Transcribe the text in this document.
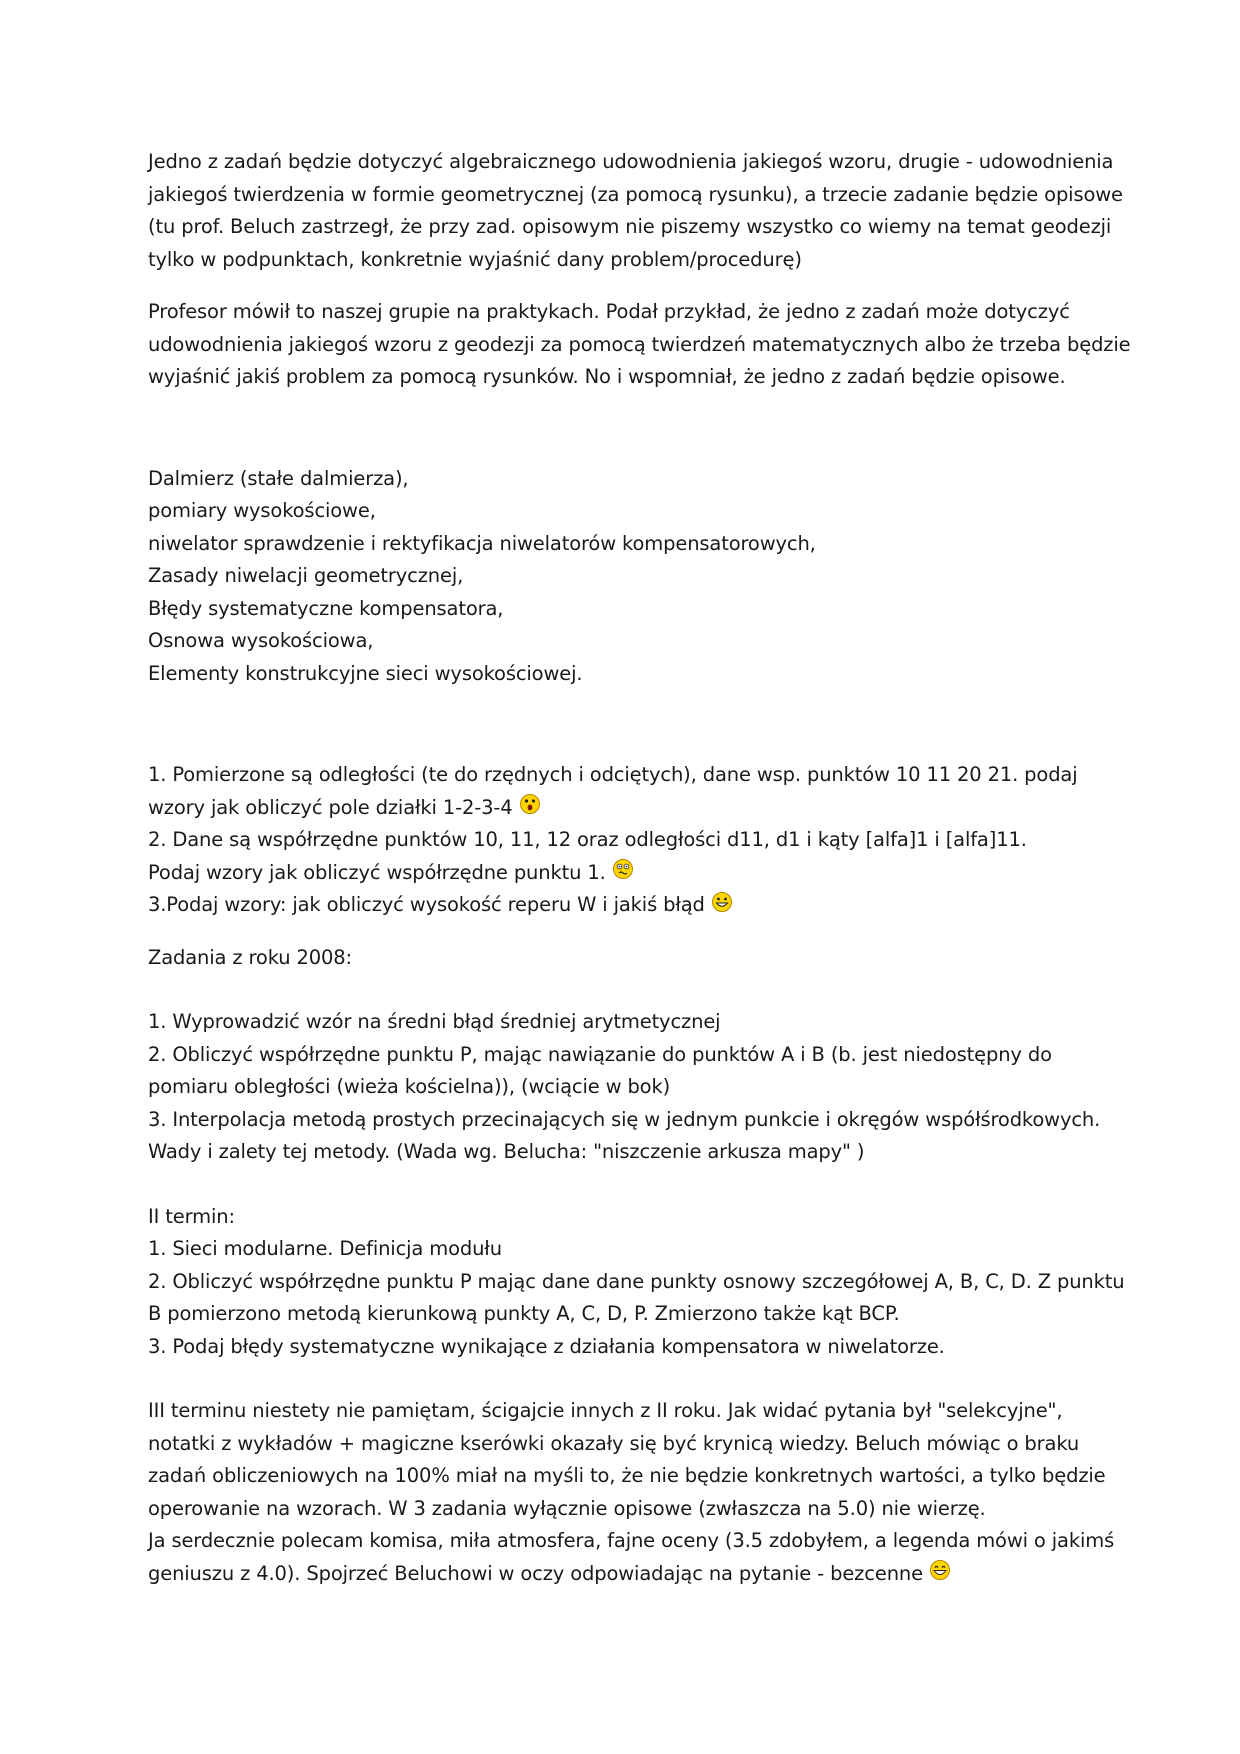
Jedno z zadań będzie dotyczyć algebraicznego udowodnienia jakiegoś wzoru, drugie - udowodnienia
jakiegoś twierdzenia w formie geometrycznej (za pomocą rysunku), a trzecie zadanie będzie opisowe
(tu prof. Beluch zastrzegł, że przy zad. opisowym nie piszemy wszystko co wiemy na temat geodezji
tylko w podpunktach, konkretnie wyjaśnić dany problem/procedurę)

Profesor mówił to naszej grupie na praktykach. Podał przykład, że jedno z zadań może dotyczyć
udowodnienia jakiegoś wzoru z geodezji za pomocą twierdzeń matematycznych albo że trzeba będzie
wyjaśnić jakiś problem za pomocą rysunków. No i wspomniał, że jedno z zadań będzie opisowe.

Dalmierz (stałe dalmierza),
pomiary wysokościowe,
niwelator sprawdzenie i rektyfikacja niwelatorów kompensatorowych,
Zasady niwelacji geometrycznej,
Błędy systematyczne kompensatora,
Osnowa wysokościowa,
Elementy konstrukcyjne sieci wysokościowej.

1. Pomierzone są odległości (te do rzędnych i odciętych), dane wsp. punktów 10 11 20 21. podaj
wzory jak obliczyć pole działki 1-2-3-4
2. Dane są współrzędne punktów 10, 11, 12 oraz odległości d11, d1 i kąty [alfa]1 i [alfa]11.
Podaj wzory jak obliczyć współrzędne punktu 1.
3.Podaj wzory: jak obliczyć wysokość reperu W i jakiś błąd

Zadania z roku 2008:

1. Wyprowadzić wzór na średni błąd średniej arytmetycznej
2. Obliczyć współrzędne punktu P, mając nawiązanie do punktów A i B (b. jest niedostępny do
pomiaru obległości (wieża kościelna)), (wciącie w bok)
3. Interpolacja metodą prostych przecinających się w jednym punkcie i okręgów współśrodkowych.
Wady i zalety tej metody. (Wada wg. Belucha: "niszczenie arkusza mapy" )

II termin:
1. Sieci modularne. Definicja modułu
2. Obliczyć współrzędne punktu P mając dane dane punkty osnowy szczegółowej A, B, C, D. Z punktu
B pomierzono metodą kierunkową punkty A, C, D, P. Zmierzono także kąt BCP.
3. Podaj błędy systematyczne wynikające z działania kompensatora w niwelatorze.

III terminu niestety nie pamiętam, ścigajcie innych z II roku. Jak widać pytania był "selekcyjne",
notatki z wykładów + magiczne kserówki okazały się być krynicą wiedzy. Beluch mówiąc o braku
zadań obliczeniowych na 100% miał na myśli to, że nie będzie konkretnych wartości, a tylko będzie
operowanie na wzorach. W 3 zadania wyłącznie opisowe (zwłaszcza na 5.0) nie wierzę.
Ja serdecznie polecam komisa, miła atmosfera, fajne oceny (3.5 zdobyłem, a legenda mówi o jakimś
geniuszu z 4.0). Spojrzeć Beluchowi w oczy odpowiadając na pytanie - bezcenne
